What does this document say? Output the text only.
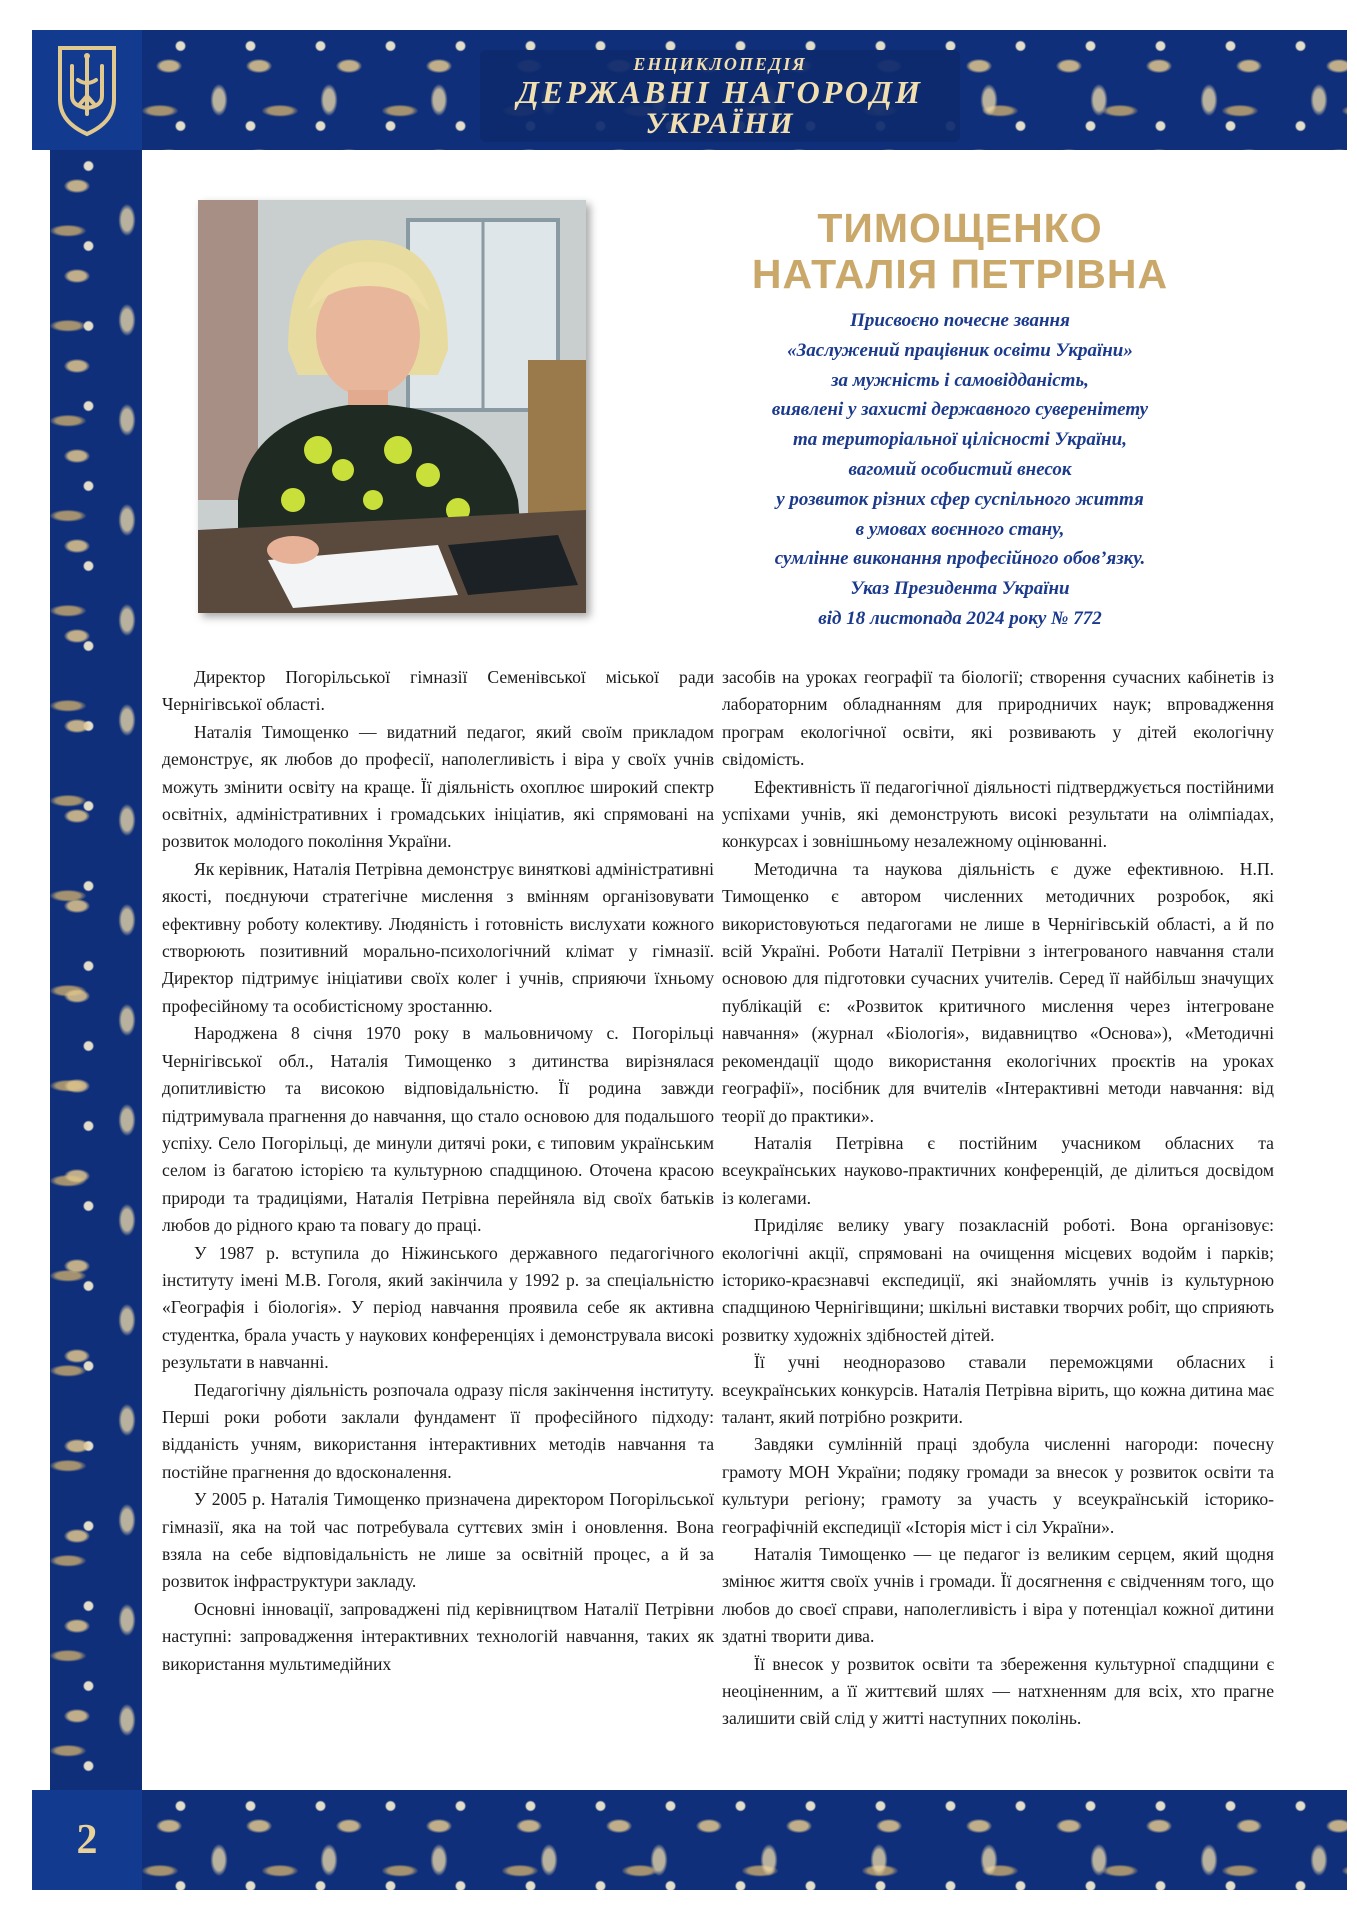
ЕНЦИКЛОПЕДІЯ
ДЕРЖАВНІ НАГОРОДИ
УКРАЇНИ
2
ТИМОЩЕНКО
НАТАЛІЯ ПЕТРІВНА
Присвоєно почесне звання
«Заслужений працівник освіти України»
за мужність і самовідданість,
виявлені у захисті державного суверенітету
та територіальної цілісності України,
вагомий особистий внесок
у розвиток різних сфер суспільного життя
в умовах воєнного стану,
сумлінне виконання професійного обов’язку.
Указ Президента України
від 18 листопада 2024 року № 772

Директор Погорільської гімназії Семенівської міської ради Чернігівської області.

Наталія Тимощенко — видатний педагог, який своїм прикладом демонструє, як любов до професії, наполегливість і віра у своїх учнів можуть змінити освіту на краще. Її діяльність охоплює широкий спектр освітніх, адміністративних і громадських ініціатив, які спрямовані на розвиток молодого покоління України.

Як керівник, Наталія Петрівна демонструє виняткові адміністративні якості, поєднуючи стратегічне мислення з вмінням організовувати ефективну роботу колективу. Людяність і готовність вислухати кожного створюють позитивний морально-психологічний клімат у гімназії. Директор підтримує ініціативи своїх колег і учнів, сприяючи їхньому професійному та особистісному зростанню.

Народжена 8 січня 1970 року в мальовничому с. Погорільці Чернігівської обл., Наталія Тимощенко з дитинства вирізнялася допитливістю та високою відповідальністю. Її родина завжди підтримувала прагнення до навчання, що стало основою для подальшого успіху. Село Погорільці, де минули дитячі роки, є типовим українським селом із багатою історією та культурною спадщиною. Оточена красою природи та традиціями, Наталія Петрівна перейняла від своїх батьків любов до рідного краю та повагу до праці.

У 1987 р. вступила до Ніжинського державного педагогічного інституту імені М.В. Гоголя, який закінчила у 1992 р. за спеціальністю «Географія і біологія». У період навчання проявила себе як активна студентка, брала участь у наукових конференціях і демонструвала високі результати в навчанні.

Педагогічну діяльність розпочала одразу після закінчення інституту. Перші роки роботи заклали фундамент її професійного підходу: відданість учням, використання інтерактивних методів навчання та постійне прагнення до вдосконалення.

У 2005 р. Наталія Тимощенко призначена директором Погорільської гімназії, яка на той час потребувала суттєвих змін і оновлення. Вона взяла на себе відповідальність не лише за освітній процес, а й за розвиток інфраструктури закладу.

Основні інновації, запроваджені під керівництвом Наталії Петрівни наступні: запровадження інтерактивних технологій навчання, таких як використання мультимедійних

засобів на уроках географії та біології; створення сучасних кабінетів із лабораторним обладнанням для природничих наук; впровадження програм екологічної освіти, які розвивають у дітей екологічну свідомість.

Ефективність її педагогічної діяльності підтверджується постійними успіхами учнів, які демонструють високі результати на олімпіадах, конкурсах і зовнішньому незалежному оцінюванні.

Методична та наукова діяльність є дуже ефективною. Н.П. Тимощенко є автором численних методичних розробок, які використовуються педагогами не лише в Чернігівській області, а й по всій Україні. Роботи Наталії Петрівни з інтегрованого навчання стали основою для підготовки сучасних учителів. Серед її найбільш значущих публікацій є: «Розвиток критичного мислення через інтегроване навчання» (журнал «Біологія», видавництво «Основа»), «Методичні рекомендації щодо використання екологічних проєктів на уроках географії», посібник для вчителів «Інтерактивні методи навчання: від теорії до практики».

Наталія Петрівна є постійним учасником обласних та всеукраїнських науково-практичних конференцій, де ділиться досвідом із колегами.

Приділяє велику увагу позакласній роботі. Вона організовує: екологічні акції, спрямовані на очищення місцевих водойм і парків; історико-краєзнавчі експедиції, які знайомлять учнів із культурною спадщиною Чернігівщини; шкільні виставки творчих робіт, що сприяють розвитку художніх здібностей дітей.

Її учні неодноразово ставали переможцями обласних і всеукраїнських конкурсів. Наталія Петрівна вірить, що кожна дитина має талант, який потрібно розкрити.

Завдяки сумлінній праці здобула численні нагороди: почесну грамоту МОН України; подяку громади за внесок у розвиток освіти та культури регіону; грамоту за участь у всеукраїнській історико-географічній експедиції «Історія міст і сіл України».

Наталія Тимощенко — це педагог із великим серцем, який щодня змінює життя своїх учнів і громади. Її досягнення є свідченням того, що любов до своєї справи, наполегливість і віра у потенціал кожної дитини здатні творити дива.

Її внесок у розвиток освіти та збереження культурної спадщини є неоціненним, а її життєвий шлях — натхненням для всіх, хто прагне залишити свій слід у житті наступних поколінь.
